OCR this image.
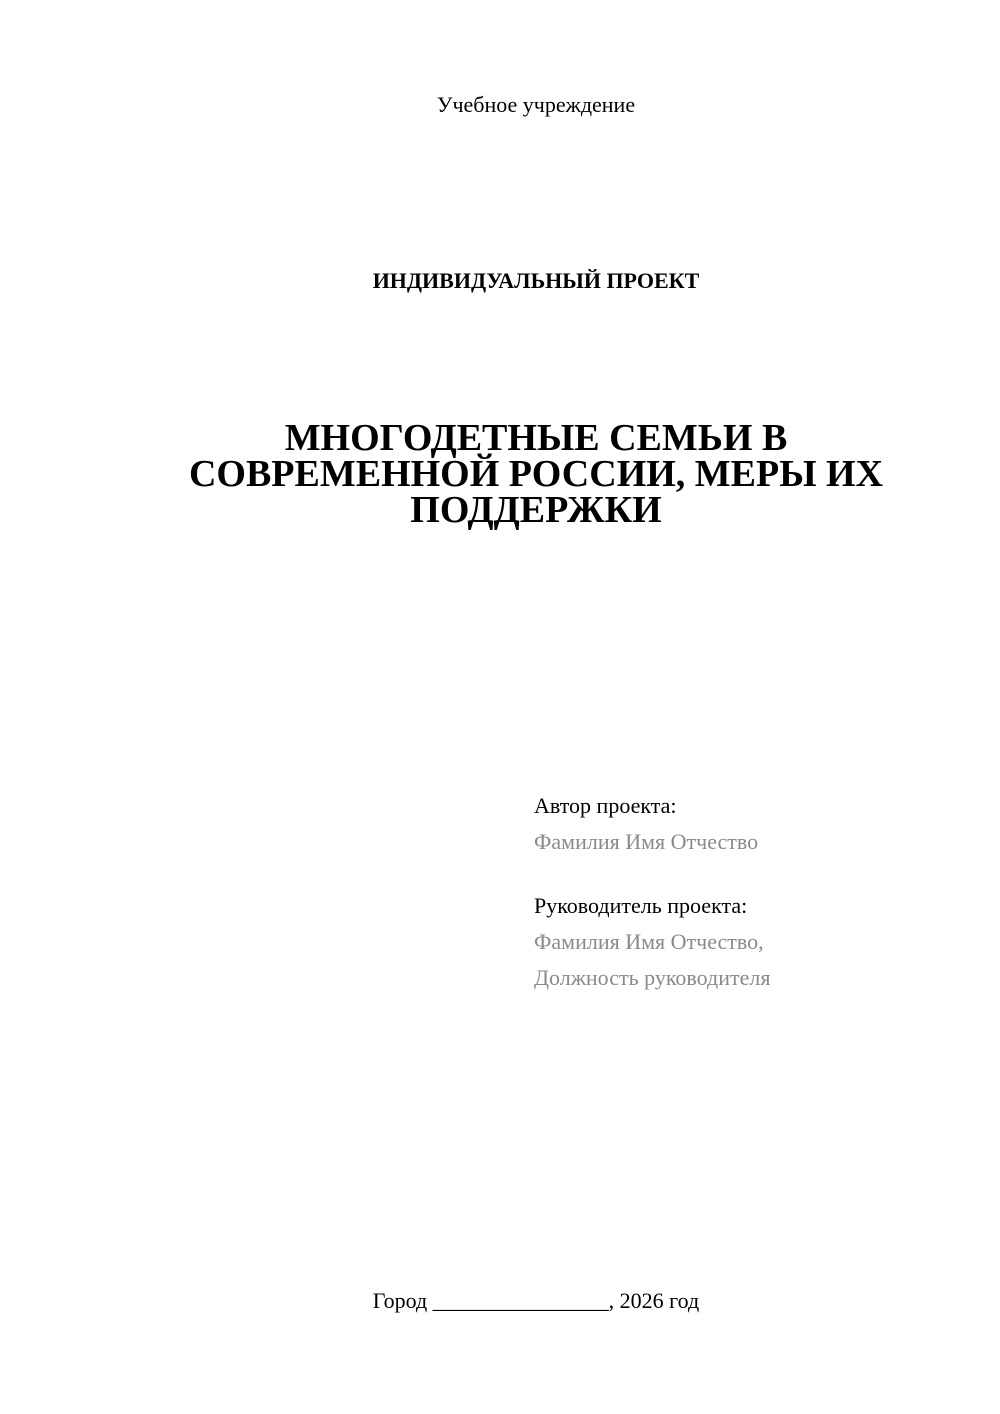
Учебное учреждение
ИНДИВИДУАЛЬНЫЙ ПРОЕКТ
МНОГОДЕТНЫЕ СЕМЬИ В
СОВРЕМЕННОЙ РОССИИ, МЕРЫ ИХ
ПОДДЕРЖКИ
Автор проекта:
Фамилия Имя Отчество
Руководитель проекта:
Фамилия Имя Отчество,
Должность руководителя
Город ________________, 2026 год
